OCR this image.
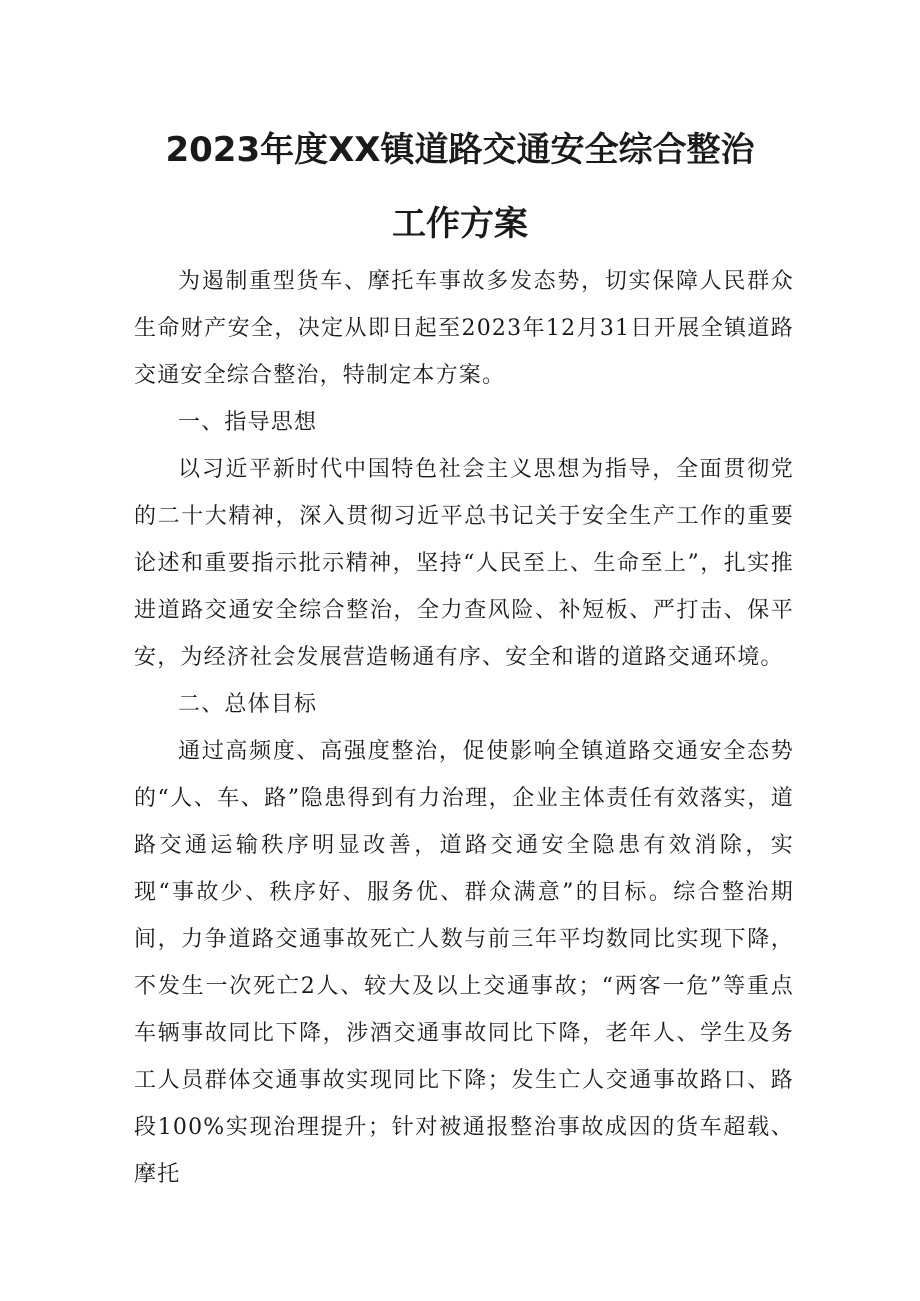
2023年度XX镇道路交通安全综合整治
工作方案

为遏制重型货车、摩托车事故多发态势，切实保障人民群众生命财产安全，决定从即日起至2023年12月31日开展全镇道路交通安全综合整治，特制定本方案。

一、指导思想

以习近平新时代中国特色社会主义思想为指导，全面贯彻党的二十大精神，深入贯彻习近平总书记关于安全生产工作的重要论述和重要指示批示精神，坚持“人民至上、生命至上”，扎实推进道路交通安全综合整治，全力查风险、补短板、严打击、保平安，为经济社会发展营造畅通有序、安全和谐的道路交通环境。

二、总体目标

通过高频度、高强度整治，促使影响全镇道路交通安全态势的“人、车、路”隐患得到有力治理，企业主体责任有效落实，道路交通运输秩序明显改善，道路交通安全隐患有效消除，实现“事故少、秩序好、服务优、群众满意”的目标。综合整治期间，力争道路交通事故死亡人数与前三年平均数同比实现下降，不发生一次死亡2人、较大及以上交通事故；“两客一危”等重点车辆事故同比下降，涉酒交通事故同比下降，老年人、学生及务工人员群体交通事故实现同比下降；发生亡人交通事故路口、路段100%实现治理提升；针对被通报整治事故成因的货车超载、摩托
